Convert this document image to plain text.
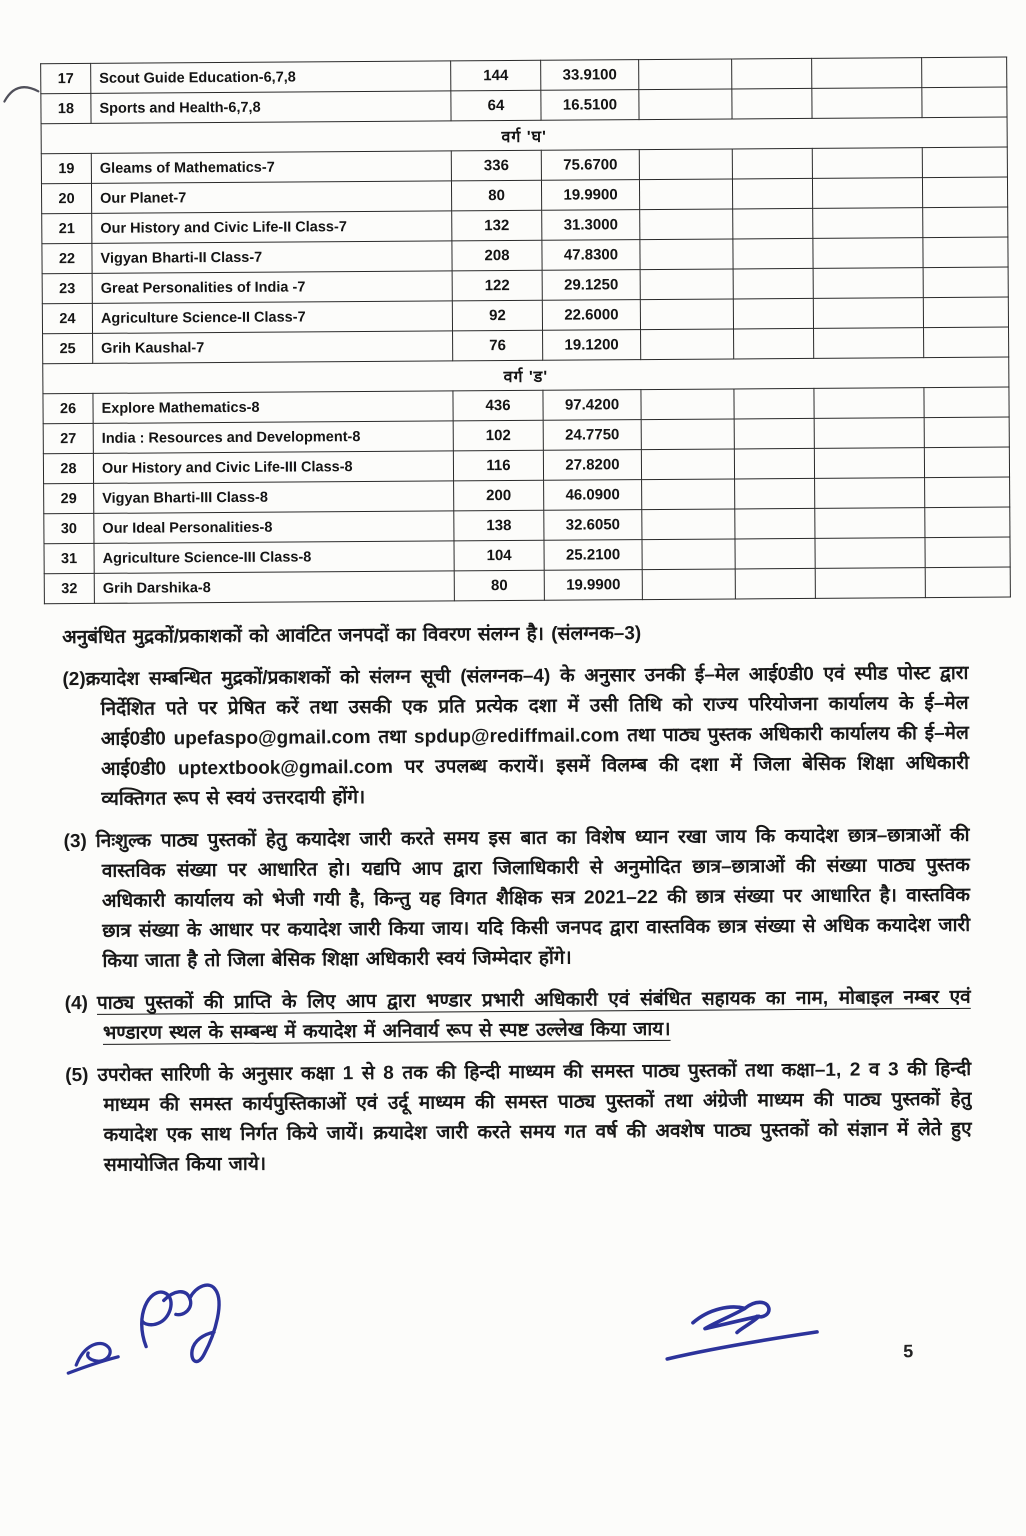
17	Scout Guide Education-6,7,8	144	33.9100				
18	Sports and Health-6,7,8	64	16.5100				
वर्ग 'घ'							
19	Gleams of Mathematics-7	336	75.6700				
20	Our Planet-7	80	19.9900				
21	Our History and Civic Life-II Class-7	132	31.3000				
22	Vigyan Bharti-II Class-7	208	47.8300				
23	Great Personalities of India -7	122	29.1250				
24	Agriculture Science-II Class-7	92	22.6000				
25	Grih Kaushal-7	76	19.1200				
वर्ग 'ड'							
26	Explore Mathematics-8	436	97.4200				
27	India : Resources and Development-8	102	24.7750				
28	Our History and Civic Life-III Class-8	116	27.8200				
29	Vigyan Bharti-III Class-8	200	46.0900				
30	Our Ideal Personalities-8	138	32.6050				
31	Agriculture Science-III Class-8	104	25.2100				
32	Grih Darshika-8	80	19.9900				

अनुबंधित मुद्रकों/प्रकाशकों को आवंटित जनपदों का विवरण संलग्न है। (संलग्नक–3)

(2)क्रयादेश सम्बन्धित मुद्रकों/प्रकाशकों को संलग्न सूची (संलग्नक–4) के अनुसार उनकी ई–मेल आई0डी0 एवं स्पीड पोस्ट द्वारा निर्देशित पते पर प्रेषित करें तथा उसकी एक प्रति प्रत्येक दशा में उसी तिथि को राज्य परियोजना कार्यालय के ई–मेल आई0डी0 upefaspo@gmail.com तथा spdup@rediffmail.com तथा पाठ्य पुस्तक अधिकारी कार्यालय की ई–मेल आई0डी0 uptextbook@gmail.com पर उपलब्ध करायें। इसमें विलम्ब की दशा में जिला बेसिक शिक्षा अधिकारी व्यक्तिगत रूप से स्वयं उत्तरदायी होंगे।
(3) निःशुल्क पाठ्य पुस्तकों हेतु कयादेश जारी करते समय इस बात का विशेष ध्यान रखा जाय कि कयादेश छात्र–छात्राओं की वास्तविक संख्या पर आधारित हो। यद्यपि आप द्वारा जिलाधिकारी से अनुमोदित छात्र–छात्राओं की संख्या पाठ्य पुस्तक अधिकारी कार्यालय को भेजी गयी है, किन्तु यह विगत शैक्षिक सत्र 2021–22 की छात्र संख्या पर आधारित है। वास्तविक छात्र संख्या के आधार पर कयादेश जारी किया जाय। यदि किसी जनपद द्वारा वास्तविक छात्र संख्या से अधिक कयादेश जारी किया जाता है तो जिला बेसिक शिक्षा अधिकारी स्वयं जिम्मेदार होंगे।
(4) पाठ्य पुस्तकों की प्राप्ति के लिए आप द्वारा भण्डार प्रभारी अधिकारी एवं संबंधित सहायक का नाम, मोबाइल नम्बर एवं भण्डारण स्थल के सम्बन्ध में कयादेश में अनिवार्य रूप से स्पष्ट उल्लेख किया जाय।
(5) उपरोक्त सारिणी के अनुसार कक्षा 1 से 8 तक की हिन्दी माध्यम की समस्त पाठ्य पुस्तकों तथा कक्षा–1, 2 व 3 की हिन्दी माध्यम की समस्त कार्यपुस्तिकाओं एवं उर्दू माध्यम की समस्त पाठ्य पुस्तकों तथा अंग्रेजी माध्यम की पाठ्य पुस्तकों हेतु कयादेश एक साथ निर्गत किये जायें। क्रयादेश जारी करते समय गत वर्ष की अवशेष पाठ्य पुस्तकों को संज्ञान में लेते हुए समायोजित किया जाये।
5
